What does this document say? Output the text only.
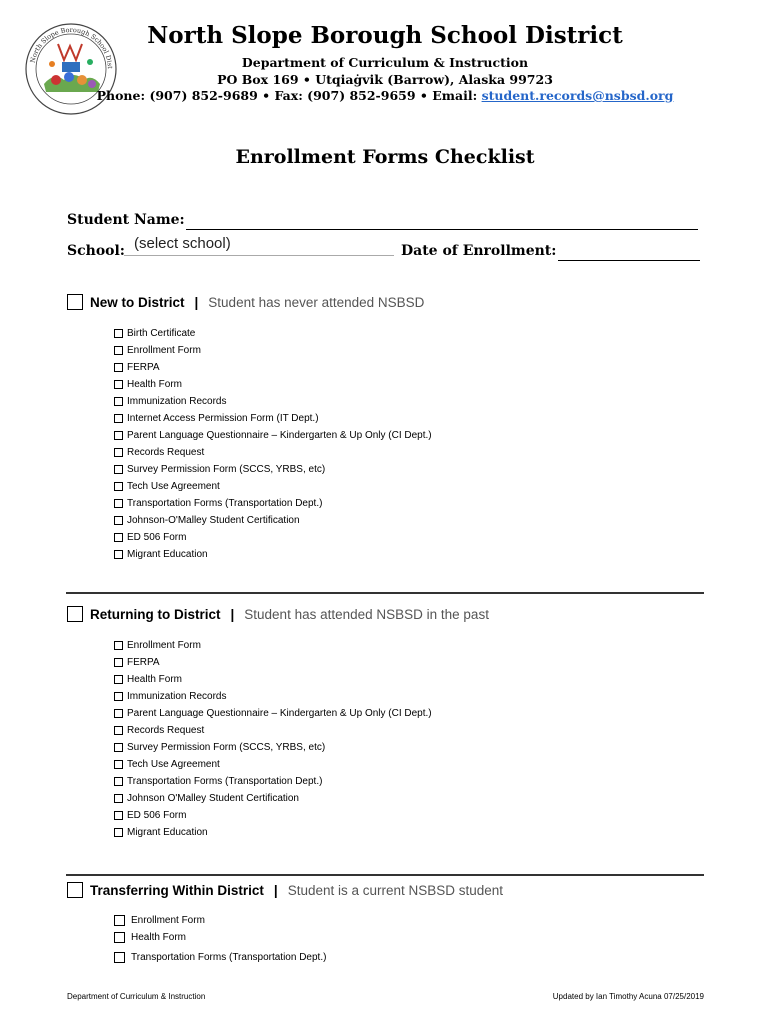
North Slope Borough School Dist
North Slope Borough School District
Department of Curriculum & Instruction
PO Box 169 • Utqiaġvik (Barrow), Alaska 99723
Phone: (907) 852-9689 • Fax: (907) 852-9659 • Email: student.records@nsbsd.org
Enrollment Forms Checklist
Student Name:
School: (select school)	Date of Enrollment:
New to District | Student has never attended NSBSD
Birth Certificate
Enrollment Form
FERPA
Health Form
Immunization Records
Internet Access Permission Form (IT Dept.)
Parent Language Questionnaire – Kindergarten & Up Only (CI Dept.)
Records Request
Survey Permission Form (SCCS, YRBS, etc)
Tech Use Agreement
Transportation Forms (Transportation Dept.)
Johnson-O'Malley Student Certification
ED 506 Form
Migrant Education
Returning to District | Student has attended NSBSD in the past
Enrollment Form
FERPA
Health Form
Immunization Records
Parent Language Questionnaire – Kindergarten & Up Only (CI Dept.)
Records Request
Survey Permission Form (SCCS, YRBS, etc)
Tech Use Agreement
Transportation Forms (Transportation Dept.)
Johnson O'Malley Student Certification
ED 506 Form
Migrant Education
Transferring Within District | Student is a current NSBSD student
Enrollment Form
Health Form
Transportation Forms (Transportation Dept.)
Department of Curriculum & Instruction	Updated by Ian Timothy Acuna 07/25/2019
